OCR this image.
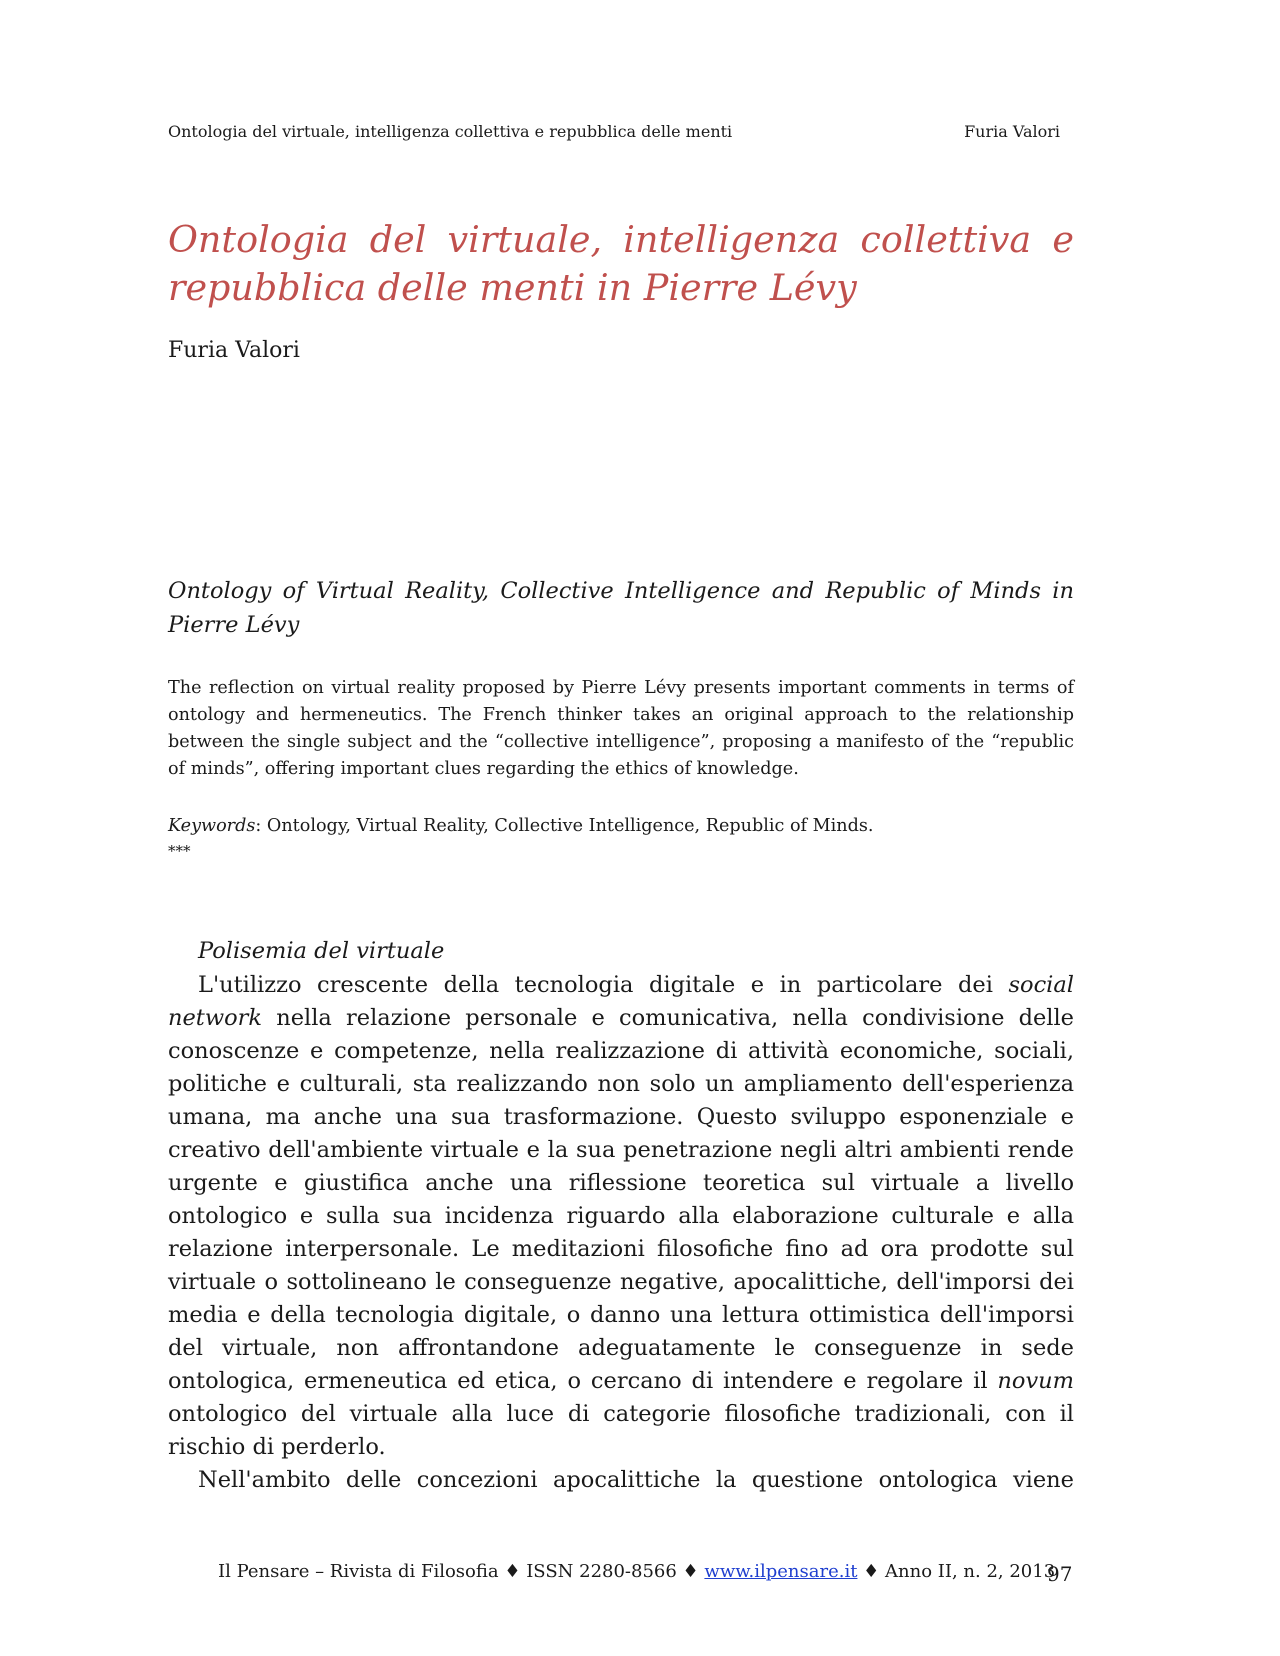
Ontologia del virtuale, intelligenza collettiva e repubblica delle menti	Furia Valori
Ontologia del virtuale, intelligenza collettiva e repubblica delle menti in Pierre Lévy
Furia Valori
Ontology of Virtual Reality, Collective Intelligence and Republic of Minds in Pierre Lévy

The reflection on virtual reality proposed by Pierre Lévy presents important comments in terms of ontology and hermeneutics. The French thinker takes an original approach to the relationship between the single subject and the “collective intelligence”, proposing a manifesto of the “republic of minds”, offering important clues regarding the ethics of knowledge.

Keywords: Ontology, Virtual Reality, Collective Intelligence, Republic of Minds.
***
Polisemia del virtuale

L'utilizzo crescente della tecnologia digitale e in particolare dei social network nella relazione personale e comunicativa, nella condivisione delle conoscenze e competenze, nella realizzazione di attività economiche, sociali, politiche e culturali, sta realizzando non solo un ampliamento dell'esperienza umana, ma anche una sua trasformazione. Questo sviluppo esponenziale e creativo dell'ambiente virtuale e la sua penetrazione negli altri ambienti rende urgente e giustifica anche una riflessione teoretica sul virtuale a livello ontologico e sulla sua incidenza riguardo alla elaborazione culturale e alla relazione interpersonale. Le meditazioni filosofiche fino ad ora prodotte sul virtuale o sottolineano le conseguenze negative, apocalittiche, dell'imporsi dei media e della tecnologia digitale, o danno una lettura ottimistica dell'imporsi del virtuale, non affrontandone adeguatamente le conseguenze in sede ontologica, ermeneutica ed etica, o cercano di intendere e regolare il novum ontologico del virtuale alla luce di categorie filosofiche tradizionali, con il rischio di perderlo.

Nell'ambito delle concezioni apocalittiche la questione ontologica viene

Il Pensare – Rivista di Filosofia ♦ ISSN 2280-8566 ♦ www.ilpensare.it ♦ Anno II, n. 2, 2013
97
